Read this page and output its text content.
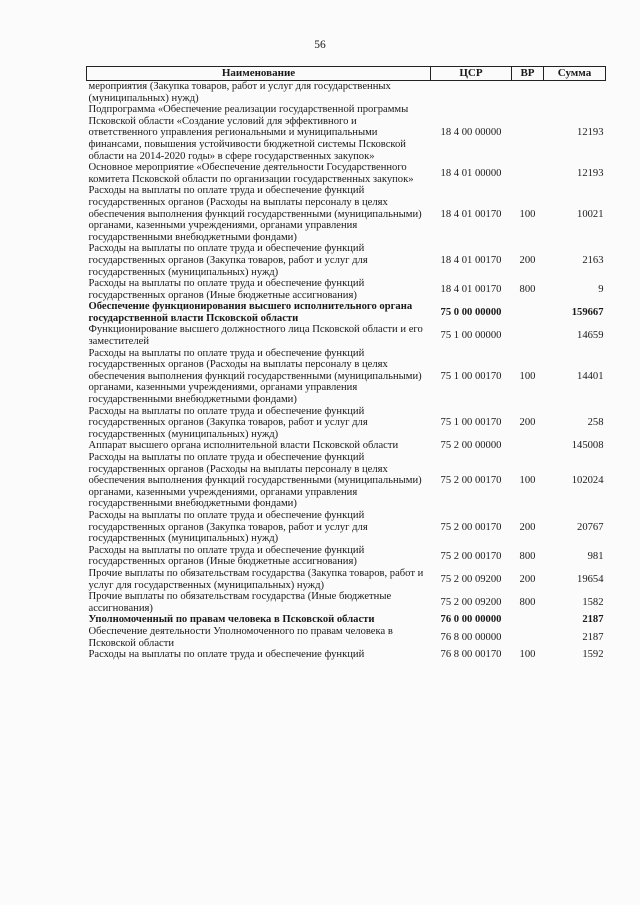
56
Наименование	ЦСР	ВР	Сумма
мероприятия (Закупка товаров, работ и услуг для государственных (муниципальных) нужд)			
Подпрограмма «Обеспечение реализации государственной программы Псковской области «Создание условий для эффективного и ответственного управления региональными и муниципальными финансами, повышения устойчивости бюджетной системы Псковской области на 2014-2020 годы» в сфере государственных закупок»	18 4 00 00000		12193
Основное мероприятие «Обеспечение деятельности Государственного комитета Псковской области по организации государственных закупок»	18 4 01 00000		12193
Расходы на выплаты по оплате труда и обеспечение функций государственных органов (Расходы на выплаты персоналу в целях обеспечения выполнения функций государственными (муниципальными) органами, казенными учреждениями, органами управления государственными внебюджетными фондами)	18 4 01 00170	100	10021
Расходы на выплаты по оплате труда и обеспечение функций государственных органов (Закупка товаров, работ и услуг для государственных (муниципальных) нужд)	18 4 01 00170	200	2163
Расходы на выплаты по оплате труда и обеспечение функций государственных органов (Иные бюджетные ассигнования)	18 4 01 00170	800	9
Обеспечение функционирования высшего исполнительного органа государственной власти Псковской области	75 0 00 00000		159667
Функционирование высшего должностного лица Псковской области и его заместителей	75 1 00 00000		14659
Расходы на выплаты по оплате труда и обеспечение функций государственных органов (Расходы на выплаты персоналу в целях обеспечения выполнения функций государственными (муниципальными) органами, казенными учреждениями, органами управления государственными внебюджетными фондами)	75 1 00 00170	100	14401
Расходы на выплаты по оплате труда и обеспечение функций государственных органов (Закупка товаров, работ и услуг для государственных (муниципальных) нужд)	75 1 00 00170	200	258
Аппарат высшего органа исполнительной власти Псковской области	75 2 00 00000		145008
Расходы на выплаты по оплате труда и обеспечение функций государственных органов (Расходы на выплаты персоналу в целях обеспечения выполнения функций государственными (муниципальными) органами, казенными учреждениями, органами управления государственными внебюджетными фондами)	75 2 00 00170	100	102024
Расходы на выплаты по оплате труда и обеспечение функций государственных органов (Закупка товаров, работ и услуг для государственных (муниципальных) нужд)	75 2 00 00170	200	20767
Расходы на выплаты по оплате труда и обеспечение функций государственных органов (Иные бюджетные ассигнования)	75 2 00 00170	800	981
Прочие выплаты по обязательствам государства (Закупка товаров, работ и услуг для государственных (муниципальных) нужд)	75 2 00 09200	200	19654
Прочие выплаты по обязательствам государства (Иные бюджетные ассигнования)	75 2 00 09200	800	1582
Уполномоченный по правам человека в Псковской области	76 0 00 00000		2187
Обеспечение деятельности Уполномоченного по правам человека в Псковской области	76 8 00 00000		2187
Расходы на выплаты по оплате труда и обеспечение функций	76 8 00 00170	100	1592
